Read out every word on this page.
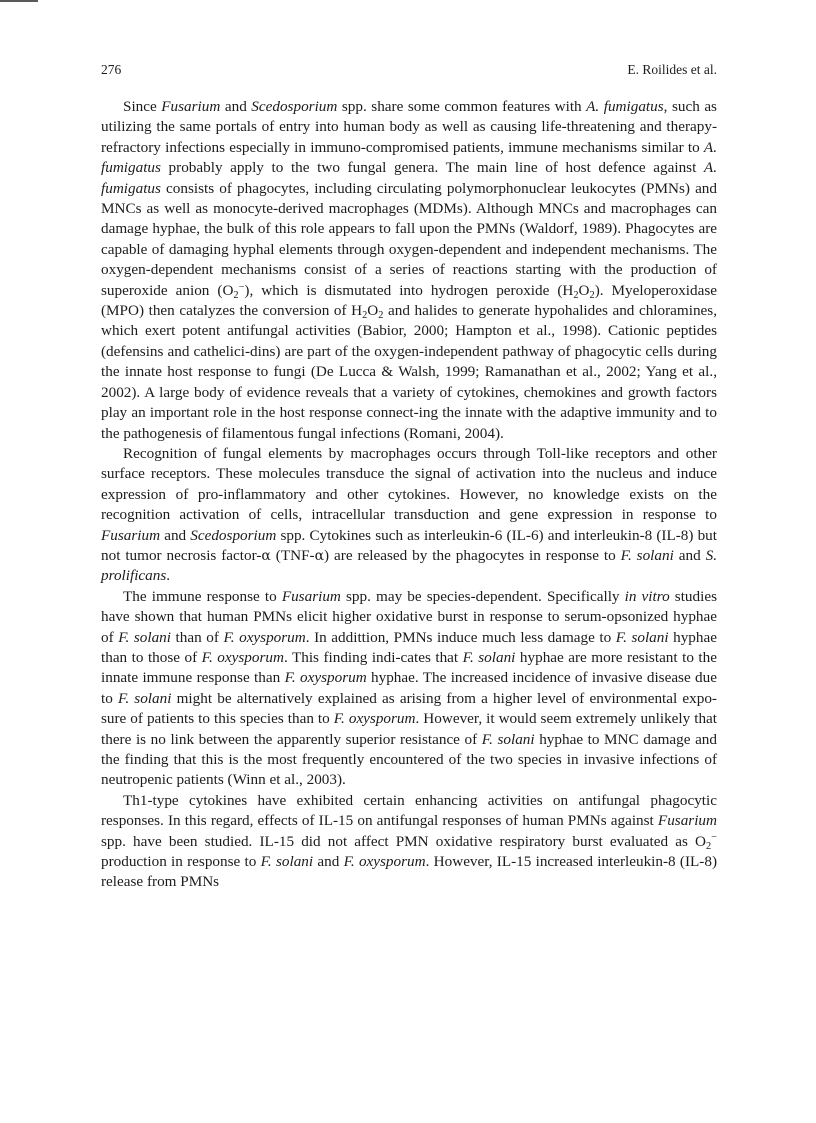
276	E. Roilides et al.

Since Fusarium and Scedosporium spp. share some common features with A. fumigatus, such as utilizing the same portals of entry into human body as well as causing life-threatening and therapy-refractory infections especially in immuno-compromised patients, immune mechanisms similar to A. fumigatus probably apply to the two fungal genera. The main line of host defence against A. fumigatus consists of phagocytes, including circulating polymorphonuclear leukocytes (PMNs) and MNCs as well as monocyte-derived macrophages (MDMs). Although MNCs and macrophages can damage hyphae, the bulk of this role appears to fall upon the PMNs (Waldorf, 1989). Phagocytes are capable of damaging hyphal elements through oxygen-dependent and independent mechanisms. The oxygen-dependent mechanisms consist of a series of reactions starting with the production of superoxide anion $(O_2^-)$, which is dismutated into hydrogen peroxide $(H_2O_2)$. Myeloperoxidase (MPO) then catalyzes the conversion of $H_2O_2$ and halides to generate hypohalides and chloramines, which exert potent antifungal activities (Babior, 2000; Hampton et al., 1998). Cationic peptides (defensins and cathelici-dins) are part of the oxygen-independent pathway of phagocytic cells during the innate host response to fungi (De Lucca & Walsh, 1999; Ramanathan et al., 2002; Yang et al., 2002). A large body of evidence reveals that a variety of cytokines, chemokines and growth factors play an important role in the host response connect-ing the innate with the adaptive immunity and to the pathogenesis of filamentous fungal infections (Romani, 2004).

Recognition of fungal elements by macrophages occurs through Toll-like receptors and other surface receptors. These molecules transduce the signal of activation into the nucleus and induce expression of pro-inflammatory and other cytokines. However, no knowledge exists on the recognition activation of cells, intracellular transduction and gene expression in response to Fusarium and Scedosporium spp. Cytokines such as interleukin-6 (IL-6) and interleukin-8 (IL-8) but not tumor necrosis factor-α (TNF-α) are released by the phagocytes in response to F. solani and S. prolificans.

The immune response to Fusarium spp. may be species-dependent. Specifically in vitro studies have shown that human PMNs elicit higher oxidative burst in response to serum-opsonized hyphae of F. solani than of F. oxysporum. In addittion, PMNs induce much less damage to F. solani hyphae than to those of F. oxysporum. This finding indi-cates that F. solani hyphae are more resistant to the innate immune response than F. oxysporum hyphae. The increased incidence of invasive disease due to F. solani might be alternatively explained as arising from a higher level of environmental expo-sure of patients to this species than to F. oxysporum. However, it would seem extremely unlikely that there is no link between the apparently superior resistance of F. solani hyphae to MNC damage and the finding that this is the most frequently encountered of the two species in invasive infections of neutropenic patients (Winn et al., 2003).

Th1-type cytokines have exhibited certain enhancing activities on antifungal phagocytic responses. In this regard, effects of IL-15 on antifungal responses of human PMNs against Fusarium spp. have been studied. IL-15 did not affect PMN oxidative respiratory burst evaluated as $O_2^-$ production in response to F. solani and F. oxysporum. However, IL-15 increased interleukin-8 (IL-8) release from PMNs
